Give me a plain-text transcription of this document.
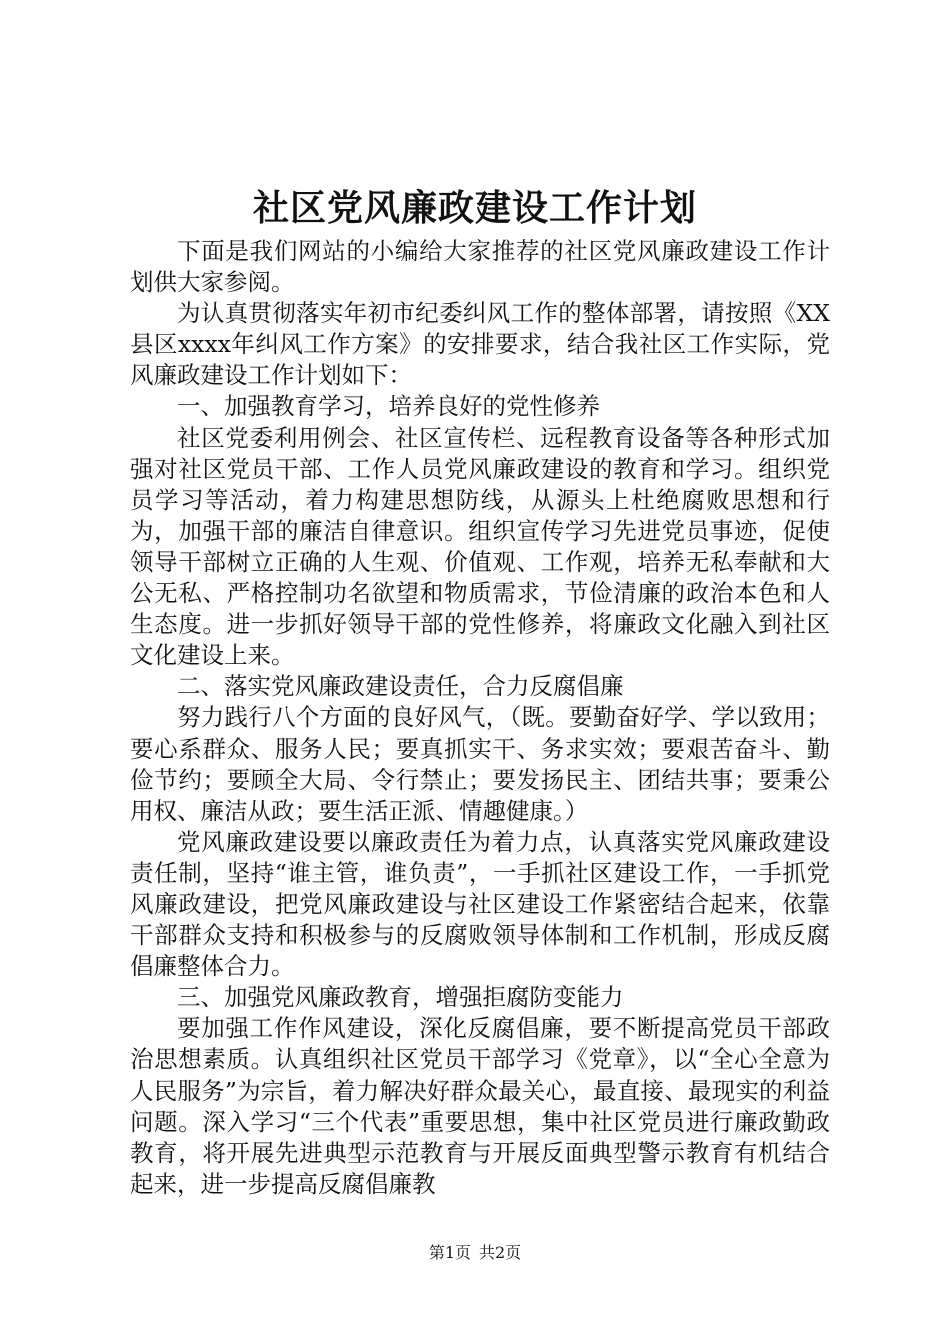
社区党风廉政建设工作计划

下面是我们网站的小编给大家推荐的社区党风廉政建设工作计划供大家参阅。

为认真贯彻落实年初市纪委纠风工作的整体部署，请按照《XX县区xxxx年纠风工作方案》的安排要求，结合我社区工作实际，党风廉政建设工作计划如下：

一、加强教育学习，培养良好的党性修养

社区党委利用例会、社区宣传栏、远程教育设备等各种形式加强对社区党员干部、工作人员党风廉政建设的教育和学习。组织党员学习等活动，着力构建思想防线，从源头上杜绝腐败思想和行为，加强干部的廉洁自律意识。组织宣传学习先进党员事迹，促使领导干部树立正确的人生观、价值观、工作观，培养无私奉献和大公无私、严格控制功名欲望和物质需求，节俭清廉的政治本色和人生态度。进一步抓好领导干部的党性修养，将廉政文化融入到社区文化建设上来。

二、落实党风廉政建设责任，合力反腐倡廉

努力践行八个方面的良好风气，（既。要勤奋好学、学以致用；要心系群众、服务人民；要真抓实干、务求实效；要艰苦奋斗、勤俭节约；要顾全大局、令行禁止；要发扬民主、团结共事；要秉公用权、廉洁从政；要生活正派、情趣健康。）

党风廉政建设要以廉政责任为着力点，认真落实党风廉政建设责任制，坚持“谁主管，谁负责”，一手抓社区建设工作，一手抓党风廉政建设，把党风廉政建设与社区建设工作紧密结合起来，依靠干部群众支持和积极参与的反腐败领导体制和工作机制，形成反腐倡廉整体合力。

三、加强党风廉政教育，增强拒腐防变能力

要加强工作作风建设，深化反腐倡廉，要不断提高党员干部政治思想素质。认真组织社区党员干部学习《党章》，以“全心全意为人民服务”为宗旨，着力解决好群众最关心，最直接、最现实的利益问题。深入学习“三个代表”重要思想，集中社区党员进行廉政勤政教育，将开展先进典型示范教育与开展反面典型警示教育有机结合起来，进一步提高反腐倡廉教

第1页 共2页
